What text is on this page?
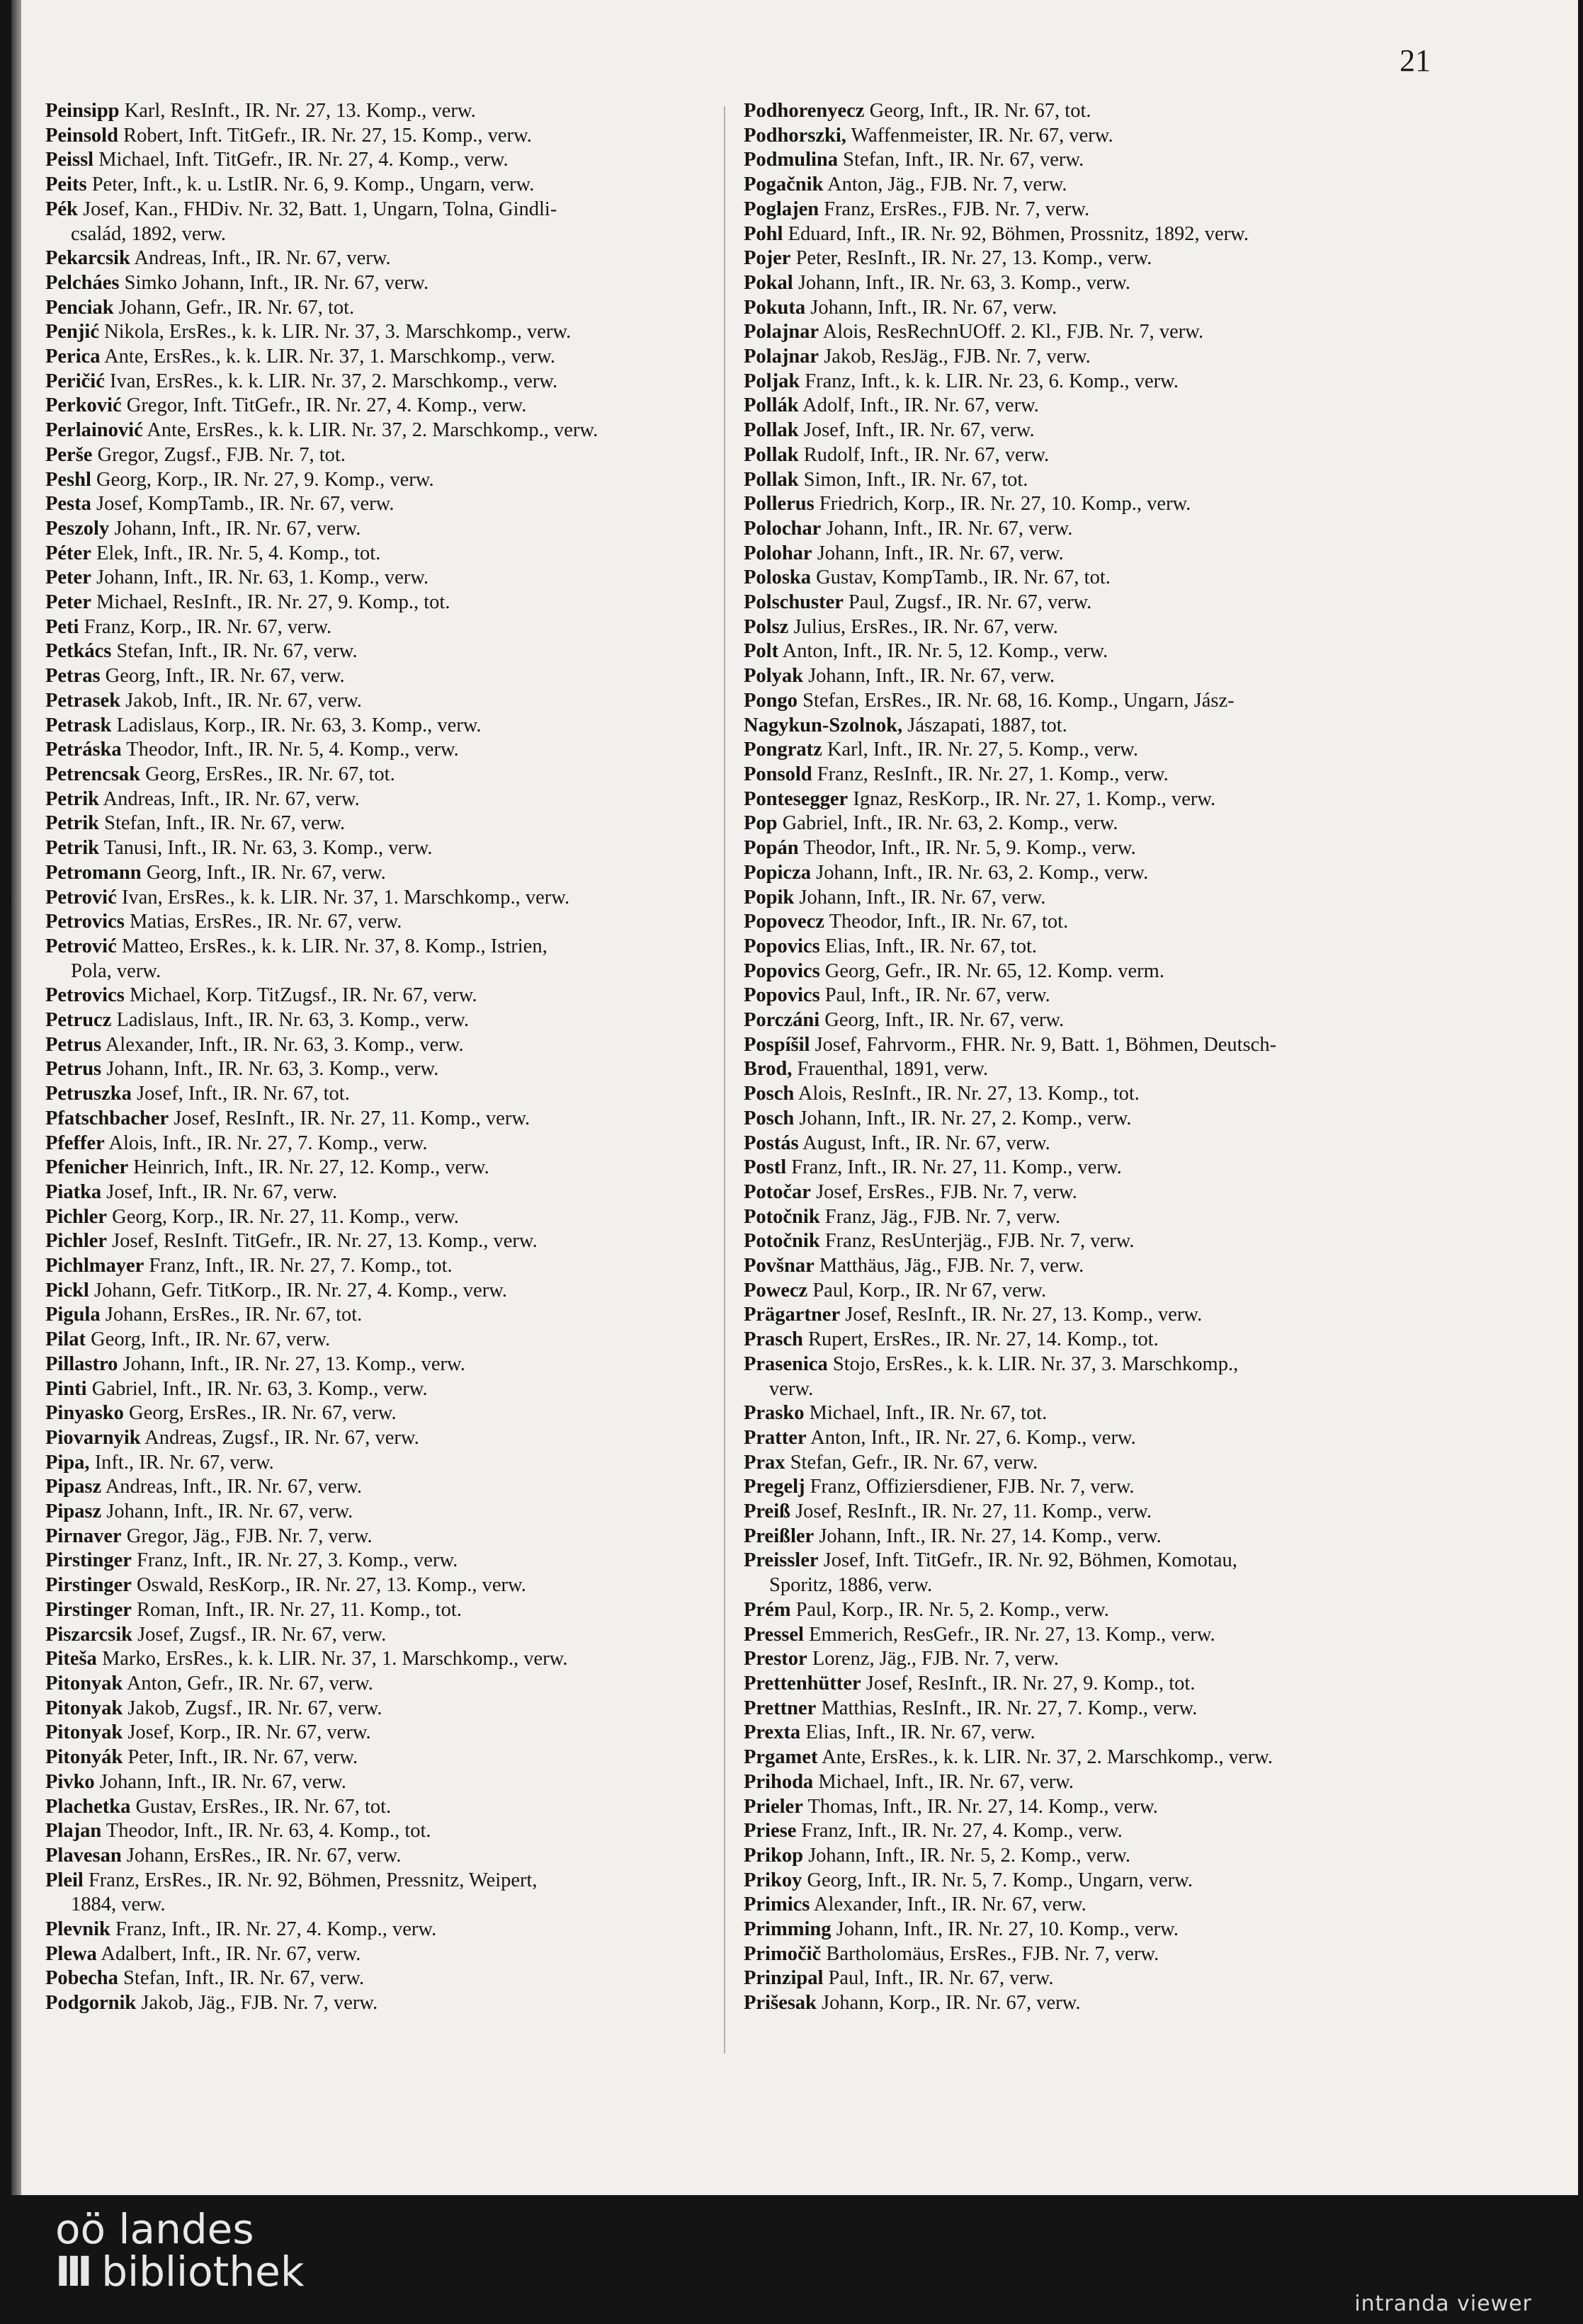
21
Peinsipp Karl, ResInft., IR. Nr. 27, 13. Komp., verw.
Peinsold Robert, Inft. TitGefr., IR. Nr. 27, 15. Komp., verw.
Peissl Michael, Inft. TitGefr., IR. Nr. 27, 4. Komp., verw.
Peits Peter, Inft., k. u. LstIR. Nr. 6, 9. Komp., Ungarn, verw.
Pék Josef, Kan., FHDiv. Nr. 32, Batt. 1, Ungarn, Tolna, Gindli-
család, 1892, verw.
Pekarcsik Andreas, Inft., IR. Nr. 67, verw.
Pelcháes Simko Johann, Inft., IR. Nr. 67, verw.
Penciak Johann, Gefr., IR. Nr. 67, tot.
Penjić Nikola, ErsRes., k. k. LIR. Nr. 37, 3. Marschkomp., verw.
Perica Ante, ErsRes., k. k. LIR. Nr. 37, 1. Marschkomp., verw.
Peričić Ivan, ErsRes., k. k. LIR. Nr. 37, 2. Marschkomp., verw.
Perković Gregor, Inft. TitGefr., IR. Nr. 27, 4. Komp., verw.
Perlainović Ante, ErsRes., k. k. LIR. Nr. 37, 2. Marschkomp., verw.
Perše Gregor, Zugsf., FJB. Nr. 7, tot.
Peshl Georg, Korp., IR. Nr. 27, 9. Komp., verw.
Pesta Josef, KompTamb., IR. Nr. 67, verw.
Peszoly Johann, Inft., IR. Nr. 67, verw.
Péter Elek, Inft., IR. Nr. 5, 4. Komp., tot.
Peter Johann, Inft., IR. Nr. 63, 1. Komp., verw.
Peter Michael, ResInft., IR. Nr. 27, 9. Komp., tot.
Peti Franz, Korp., IR. Nr. 67, verw.
Petkács Stefan, Inft., IR. Nr. 67, verw.
Petras Georg, Inft., IR. Nr. 67, verw.
Petrasek Jakob, Inft., IR. Nr. 67, verw.
Petrask Ladislaus, Korp., IR. Nr. 63, 3. Komp., verw.
Petráska Theodor, Inft., IR. Nr. 5, 4. Komp., verw.
Petrencsak Georg, ErsRes., IR. Nr. 67, tot.
Petrik Andreas, Inft., IR. Nr. 67, verw.
Petrik Stefan, Inft., IR. Nr. 67, verw.
Petrik Tanusi, Inft., IR. Nr. 63, 3. Komp., verw.
Petromann Georg, Inft., IR. Nr. 67, verw.
Petrović Ivan, ErsRes., k. k. LIR. Nr. 37, 1. Marschkomp., verw.
Petrovics Matias, ErsRes., IR. Nr. 67, verw.
Petrović Matteo, ErsRes., k. k. LIR. Nr. 37, 8. Komp., Istrien,
Pola, verw.
Petrovics Michael, Korp. TitZugsf., IR. Nr. 67, verw.
Petrucz Ladislaus, Inft., IR. Nr. 63, 3. Komp., verw.
Petrus Alexander, Inft., IR. Nr. 63, 3. Komp., verw.
Petrus Johann, Inft., IR. Nr. 63, 3. Komp., verw.
Petruszka Josef, Inft., IR. Nr. 67, tot.
Pfatschbacher Josef, ResInft., IR. Nr. 27, 11. Komp., verw.
Pfeffer Alois, Inft., IR. Nr. 27, 7. Komp., verw.
Pfenicher Heinrich, Inft., IR. Nr. 27, 12. Komp., verw.
Piatka Josef, Inft., IR. Nr. 67, verw.
Pichler Georg, Korp., IR. Nr. 27, 11. Komp., verw.
Pichler Josef, ResInft. TitGefr., IR. Nr. 27, 13. Komp., verw.
Pichlmayer Franz, Inft., IR. Nr. 27, 7. Komp., tot.
Pickl Johann, Gefr. TitKorp., IR. Nr. 27, 4. Komp., verw.
Pigula Johann, ErsRes., IR. Nr. 67, tot.
Pilat Georg, Inft., IR. Nr. 67, verw.
Pillastro Johann, Inft., IR. Nr. 27, 13. Komp., verw.
Pinti Gabriel, Inft., IR. Nr. 63, 3. Komp., verw.
Pinyasko Georg, ErsRes., IR. Nr. 67, verw.
Piovarnyik Andreas, Zugsf., IR. Nr. 67, verw.
Pipa, Inft., IR. Nr. 67, verw.
Pipasz Andreas, Inft., IR. Nr. 67, verw.
Pipasz Johann, Inft., IR. Nr. 67, verw.
Pirnaver Gregor, Jäg., FJB. Nr. 7, verw.
Pirstinger Franz, Inft., IR. Nr. 27, 3. Komp., verw.
Pirstinger Oswald, ResKorp., IR. Nr. 27, 13. Komp., verw.
Pirstinger Roman, Inft., IR. Nr. 27, 11. Komp., tot.
Piszarcsik Josef, Zugsf., IR. Nr. 67, verw.
Piteša Marko, ErsRes., k. k. LIR. Nr. 37, 1. Marschkomp., verw.
Pitonyak Anton, Gefr., IR. Nr. 67, verw.
Pitonyak Jakob, Zugsf., IR. Nr. 67, verw.
Pitonyak Josef, Korp., IR. Nr. 67, verw.
Pitonyák Peter, Inft., IR. Nr. 67, verw.
Pivko Johann, Inft., IR. Nr. 67, verw.
Plachetka Gustav, ErsRes., IR. Nr. 67, tot.
Plajan Theodor, Inft., IR. Nr. 63, 4. Komp., tot.
Plavesan Johann, ErsRes., IR. Nr. 67, verw.
Pleil Franz, ErsRes., IR. Nr. 92, Böhmen, Pressnitz, Weipert,
1884, verw.
Plevnik Franz, Inft., IR. Nr. 27, 4. Komp., verw.
Plewa Adalbert, Inft., IR. Nr. 67, verw.
Pobecha Stefan, Inft., IR. Nr. 67, verw.
Podgornik Jakob, Jäg., FJB. Nr. 7, verw.
Podhorenyecz Georg, Inft., IR. Nr. 67, tot.
Podhorszki, Waffenmeister, IR. Nr. 67, verw.
Podmulina Stefan, Inft., IR. Nr. 67, verw.
Pogačnik Anton, Jäg., FJB. Nr. 7, verw.
Poglajen Franz, ErsRes., FJB. Nr. 7, verw.
Pohl Eduard, Inft., IR. Nr. 92, Böhmen, Prossnitz, 1892, verw.
Pojer Peter, ResInft., IR. Nr. 27, 13. Komp., verw.
Pokal Johann, Inft., IR. Nr. 63, 3. Komp., verw.
Pokuta Johann, Inft., IR. Nr. 67, verw.
Polajnar Alois, ResRechnUOff. 2. Kl., FJB. Nr. 7, verw.
Polajnar Jakob, ResJäg., FJB. Nr. 7, verw.
Poljak Franz, Inft., k. k. LIR. Nr. 23, 6. Komp., verw.
Pollák Adolf, Inft., IR. Nr. 67, verw.
Pollak Josef, Inft., IR. Nr. 67, verw.
Pollak Rudolf, Inft., IR. Nr. 67, verw.
Pollak Simon, Inft., IR. Nr. 67, tot.
Pollerus Friedrich, Korp., IR. Nr. 27, 10. Komp., verw.
Polochar Johann, Inft., IR. Nr. 67, verw.
Polohar Johann, Inft., IR. Nr. 67, verw.
Poloska Gustav, KompTamb., IR. Nr. 67, tot.
Polschuster Paul, Zugsf., IR. Nr. 67, verw.
Polsz Julius, ErsRes., IR. Nr. 67, verw.
Polt Anton, Inft., IR. Nr. 5, 12. Komp., verw.
Polyak Johann, Inft., IR. Nr. 67, verw.
Pongo Stefan, ErsRes., IR. Nr. 68, 16. Komp., Ungarn, Jász-
Nagykun-Szolnok, Jászapati, 1887, tot.
Pongratz Karl, Inft., IR. Nr. 27, 5. Komp., verw.
Ponsold Franz, ResInft., IR. Nr. 27, 1. Komp., verw.
Pontesegger Ignaz, ResKorp., IR. Nr. 27, 1. Komp., verw.
Pop Gabriel, Inft., IR. Nr. 63, 2. Komp., verw.
Popán Theodor, Inft., IR. Nr. 5, 9. Komp., verw.
Popicza Johann, Inft., IR. Nr. 63, 2. Komp., verw.
Popik Johann, Inft., IR. Nr. 67, verw.
Popovecz Theodor, Inft., IR. Nr. 67, tot.
Popovics Elias, Inft., IR. Nr. 67, tot.
Popovics Georg, Gefr., IR. Nr. 65, 12. Komp. verm.
Popovics Paul, Inft., IR. Nr. 67, verw.
Porczáni Georg, Inft., IR. Nr. 67, verw.
Pospíšil Josef, Fahrvorm., FHR. Nr. 9, Batt. 1, Böhmen, Deutsch-
Brod, Frauenthal, 1891, verw.
Posch Alois, ResInft., IR. Nr. 27, 13. Komp., tot.
Posch Johann, Inft., IR. Nr. 27, 2. Komp., verw.
Postás August, Inft., IR. Nr. 67, verw.
Postl Franz, Inft., IR. Nr. 27, 11. Komp., verw.
Potočar Josef, ErsRes., FJB. Nr. 7, verw.
Potočnik Franz, Jäg., FJB. Nr. 7, verw.
Potočnik Franz, ResUnterjäg., FJB. Nr. 7, verw.
Povšnar Matthäus, Jäg., FJB. Nr. 7, verw.
Powecz Paul, Korp., IR. Nr 67, verw.
Prägartner Josef, ResInft., IR. Nr. 27, 13. Komp., verw.
Prasch Rupert, ErsRes., IR. Nr. 27, 14. Komp., tot.
Prasenica Stojo, ErsRes., k. k. LIR. Nr. 37, 3. Marschkomp.,
verw.
Prasko Michael, Inft., IR. Nr. 67, tot.
Pratter Anton, Inft., IR. Nr. 27, 6. Komp., verw.
Prax Stefan, Gefr., IR. Nr. 67, verw.
Pregelj Franz, Offiziersdiener, FJB. Nr. 7, verw.
Preiß Josef, ResInft., IR. Nr. 27, 11. Komp., verw.
Preißler Johann, Inft., IR. Nr. 27, 14. Komp., verw.
Preissler Josef, Inft. TitGefr., IR. Nr. 92, Böhmen, Komotau,
Sporitz, 1886, verw.
Prém Paul, Korp., IR. Nr. 5, 2. Komp., verw.
Pressel Emmerich, ResGefr., IR. Nr. 27, 13. Komp., verw.
Prestor Lorenz, Jäg., FJB. Nr. 7, verw.
Prettenhütter Josef, ResInft., IR. Nr. 27, 9. Komp., tot.
Prettner Matthias, ResInft., IR. Nr. 27, 7. Komp., verw.
Prexta Elias, Inft., IR. Nr. 67, verw.
Prgamet Ante, ErsRes., k. k. LIR. Nr. 37, 2. Marschkomp., verw.
Prihoda Michael, Inft., IR. Nr. 67, verw.
Prieler Thomas, Inft., IR. Nr. 27, 14. Komp., verw.
Priese Franz, Inft., IR. Nr. 27, 4. Komp., verw.
Prikop Johann, Inft., IR. Nr. 5, 2. Komp., verw.
Prikoy Georg, Inft., IR. Nr. 5, 7. Komp., Ungarn, verw.
Primics Alexander, Inft., IR. Nr. 67, verw.
Primming Johann, Inft., IR. Nr. 27, 10. Komp., verw.
Primočič Bartholomäus, ErsRes., FJB. Nr. 7, verw.
Prinzipal Paul, Inft., IR. Nr. 67, verw.
Prišesak Johann, Korp., IR. Nr. 67, verw.
oö landes
III bibliothek
intranda viewer
